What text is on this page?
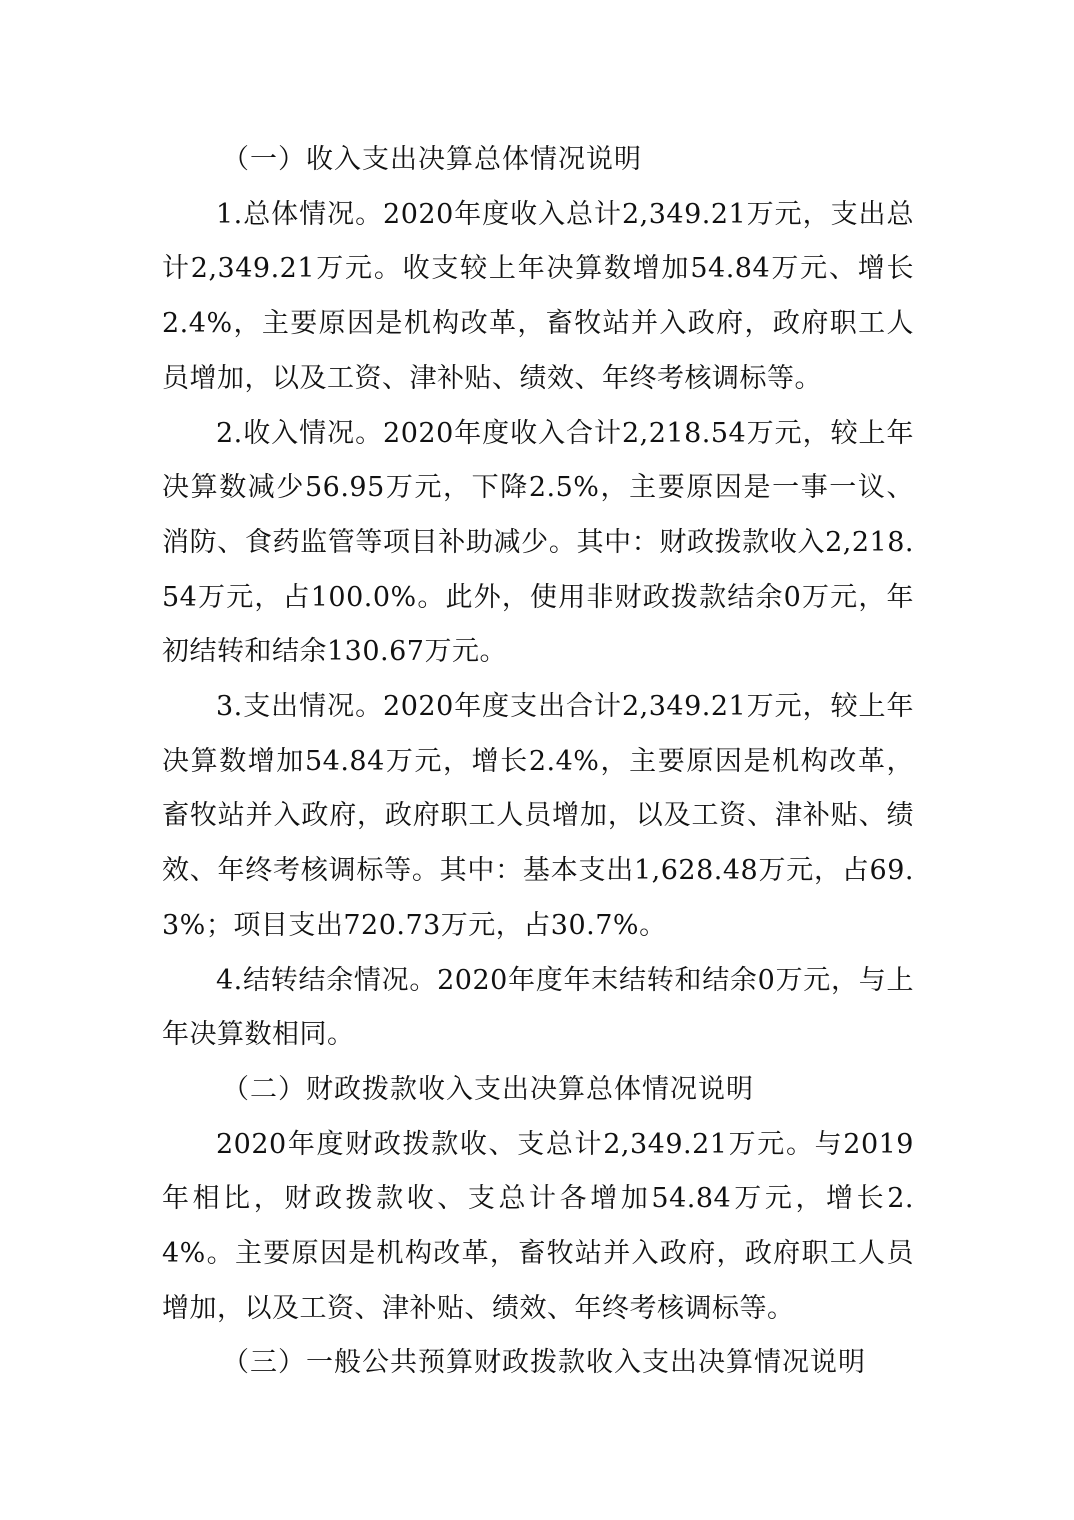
（一）收入支出决算总体情况说明

1.总体情况。2020年度收入总计2,349.21万元，支出总计2,349.21万元。收支较上年决算数增加54.84万元、增长2.4%，主要原因是机构改革，畜牧站并入政府，政府职工人员增加，以及工资、津补贴、绩效、年终考核调标等。

2.收入情况。2020年度收入合计2,218.54万元，较上年决算数减少56.95万元，下降2.5%，主要原因是一事一议、消防、食药监管等项目补助减少。其中：财政拨款收入2,218.54万元，占100.0%。此外，使用非财政拨款结余0万元，年初结转和结余130.67万元。

3.支出情况。2020年度支出合计2,349.21万元，较上年决算数增加54.84万元，增长2.4%，主要原因是机构改革，畜牧站并入政府，政府职工人员增加，以及工资、津补贴、绩效、年终考核调标等。其中：基本支出1,628.48万元，占69.3%；项目支出720.73万元，占30.7%。

4.结转结余情况。2020年度年末结转和结余0万元，与上年决算数相同。

（二）财政拨款收入支出决算总体情况说明

2020年度财政拨款收、支总计2,349.21万元。与2019年相比，财政拨款收、支总计各增加54.84万元，增长2.4%。主要原因是机构改革，畜牧站并入政府，政府职工人员增加，以及工资、津补贴、绩效、年终考核调标等。

（三）一般公共预算财政拨款收入支出决算情况说明
